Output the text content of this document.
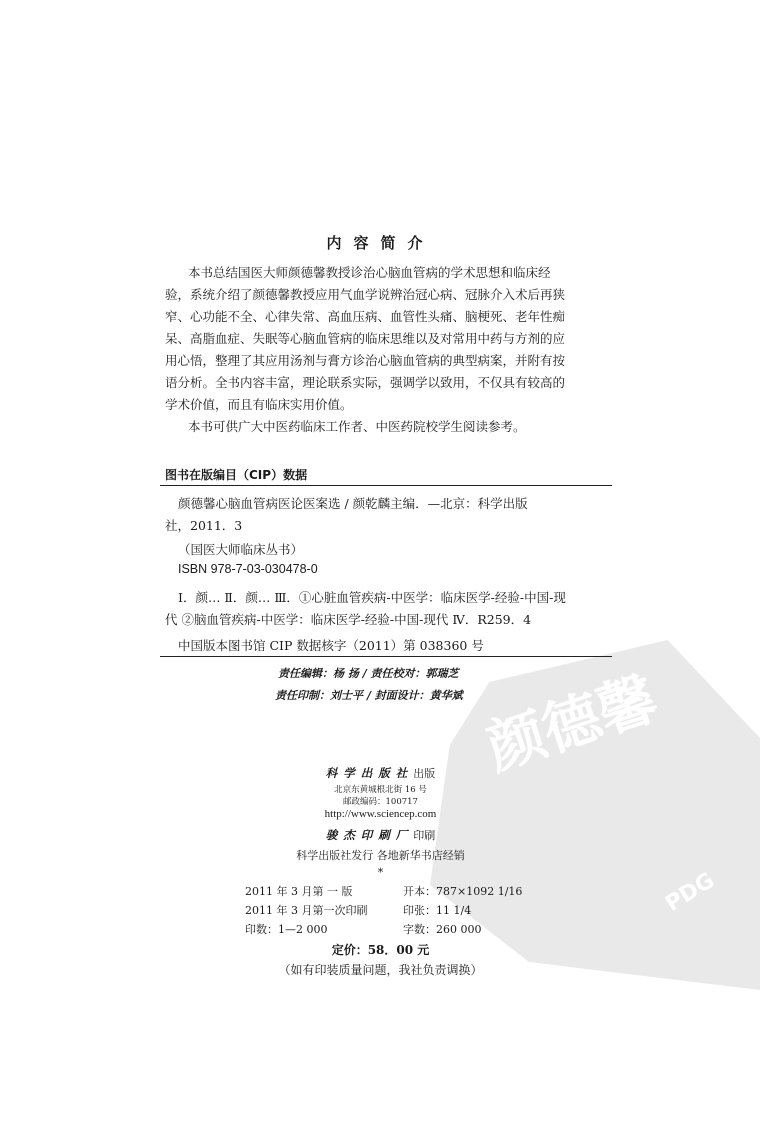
颜德馨
PDG
内容简介
本书总结国医大师颜德馨教授诊治心脑血管病的学术思想和临床经
验，系统介绍了颜德馨教授应用气血学说辨治冠心病、冠脉介入术后再狭
窄、心功能不全、心律失常、高血压病、血管性头痛、脑梗死、老年性痴
呆、高脂血症、失眠等心脑血管病的临床思维以及对常用中药与方剂的应
用心悟，整理了其应用汤剂与膏方诊治心脑血管病的典型病案，并附有按
语分析。全书内容丰富，理论联系实际，强调学以致用，不仅具有较高的
学术价值，而且有临床实用价值。
本书可供广大中医药临床工作者、中医药院校学生阅读参考。
图书在版编目（CIP）数据
颜德馨心脑血管病医论医案选 / 颜乾麟主编．—北京：科学出版
社，2011．3
（国医大师临床丛书）
ISBN 978-7-03-030478-0
Ⅰ．颜… Ⅱ．颜… Ⅲ．①心脏血管疾病-中医学：临床医学-经验-中国-现
代 ②脑血管疾病-中医学：临床医学-经验-中国-现代 Ⅳ．R259．4
中国版本图书馆 CIP 数据核字（2011）第 038360 号
责任编辑：杨 扬 / 责任校对：郭瑞芝
责任印制：刘士平 / 封面设计：黄华斌
科学出版社出版
北京东黄城根北街 16 号
邮政编码：100717
http://www.sciencep.com
骏杰印刷厂印刷
科学出版社发行 各地新华书店经销
*
2011 年 3 月第 一 版	开本：787×1092 1/16
2011 年 3 月第一次印刷	印张：11 1/4
印数：1—2 000	字数：260 000
定价：58．00 元
（如有印装质量问题，我社负责调换）
